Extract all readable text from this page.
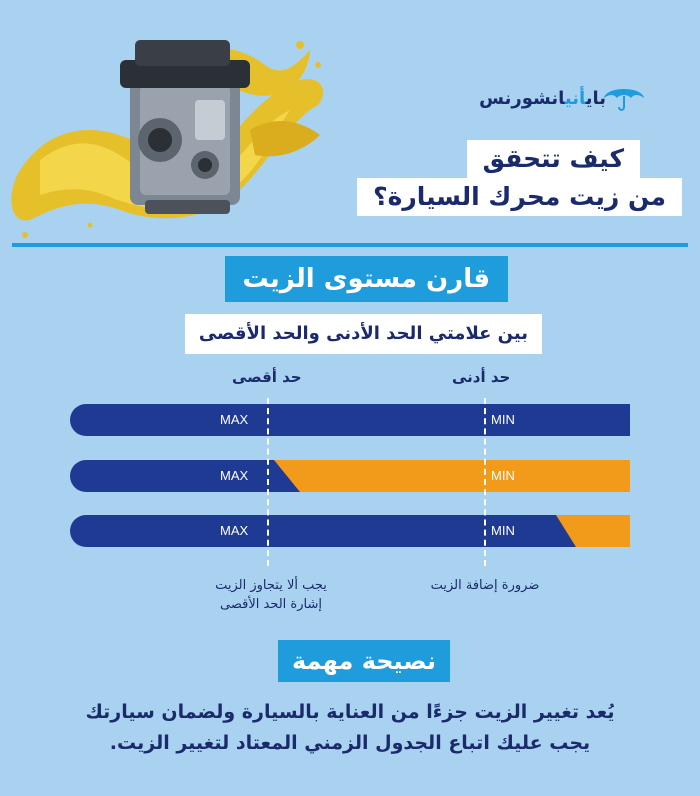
بايأنيانشورنس
كيف تتحقق
من زيت محرك السيارة؟
قارن مستوى الزيت
بين علامتي الحد الأدنى والحد الأقصى
حد أقصى	حد أدنى
MAX	MIN
MAX	MIN
MAX	MIN
يجب ألا يتجاوز الزيت
إشارة الحد الأقصى
ضرورة إضافة الزيت
نصيحة مهمة
يُعد تغيير الزيت جزءًا من العناية بالسيارة ولضمان سيارتك
يجب عليك اتباع الجدول الزمني المعتاد لتغيير الزيت.
